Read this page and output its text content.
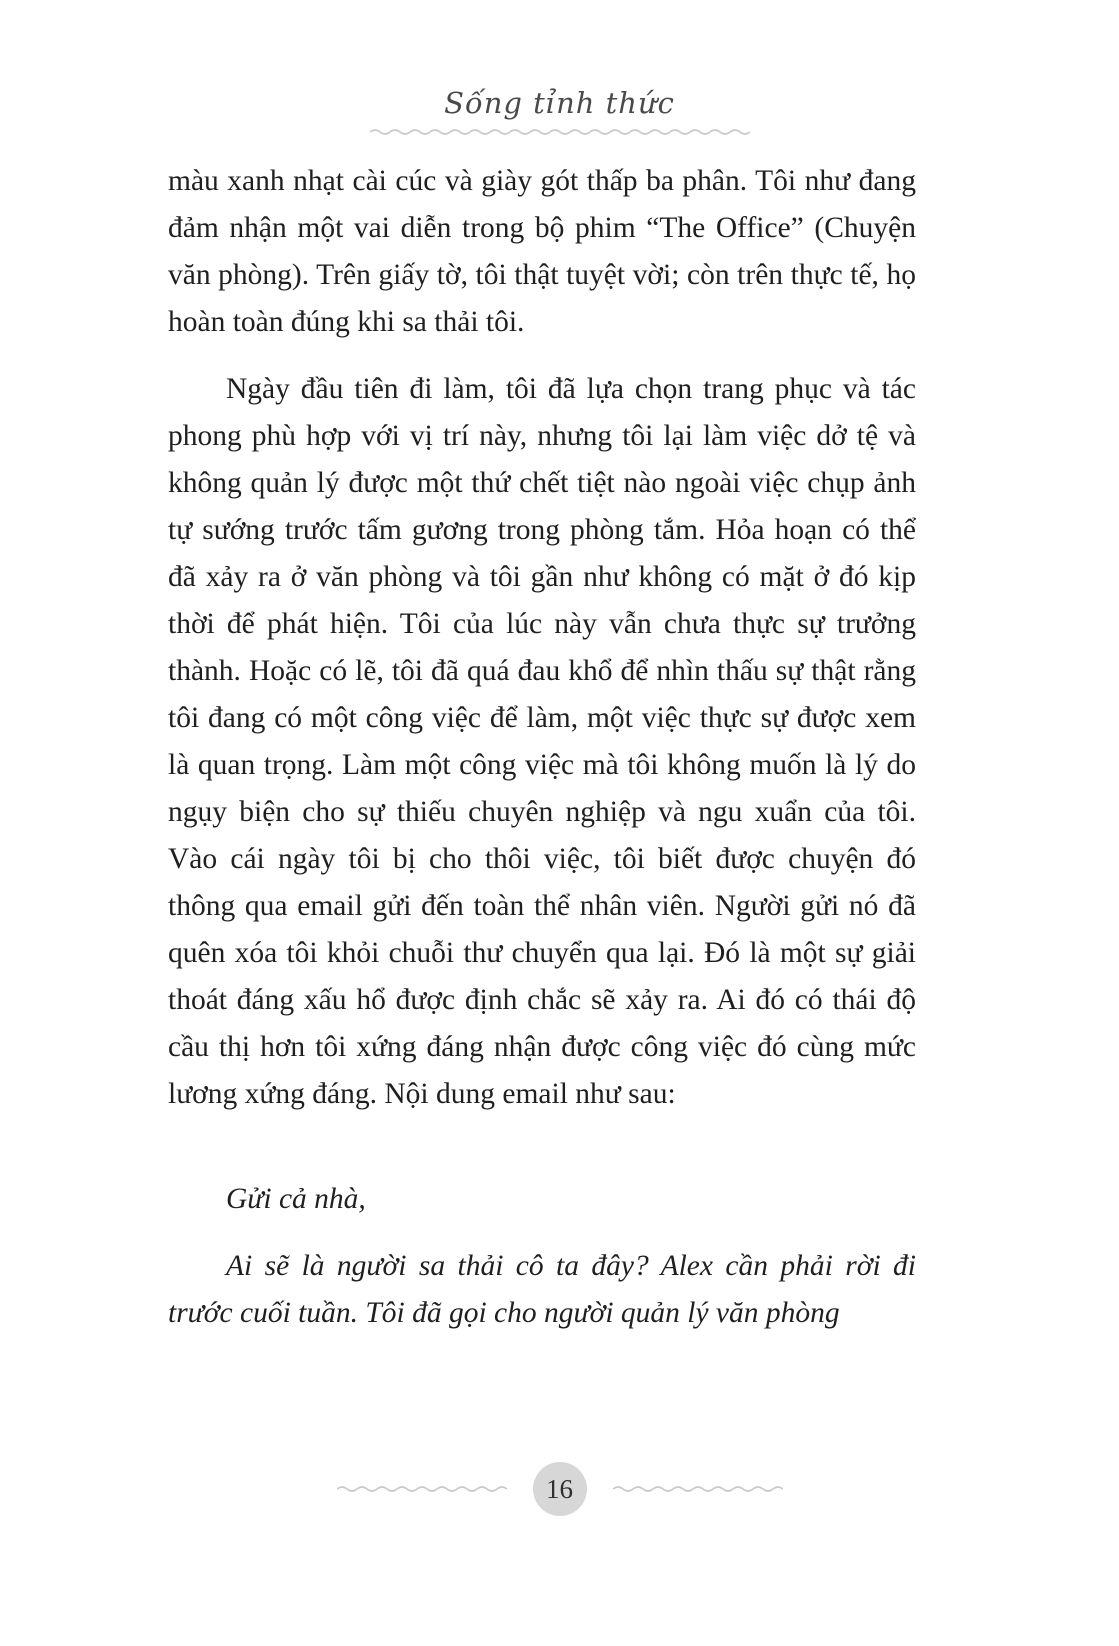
Sống tỉnh thức

màu xanh nhạt cài cúc và giày gót thấp ba phân. Tôi như đang đảm nhận một vai diễn trong bộ phim “The Office” (Chuyện văn phòng). Trên giấy tờ, tôi thật tuyệt vời; còn trên thực tế, họ hoàn toàn đúng khi sa thải tôi.

Ngày đầu tiên đi làm, tôi đã lựa chọn trang phục và tác phong phù hợp với vị trí này, nhưng tôi lại làm việc dở tệ và không quản lý được một thứ chết tiệt nào ngoài việc chụp ảnh tự sướng trước tấm gương trong phòng tắm. Hỏa hoạn có thể đã xảy ra ở văn phòng và tôi gần như không có mặt ở đó kịp thời để phát hiện. Tôi của lúc này vẫn chưa thực sự trưởng thành. Hoặc có lẽ, tôi đã quá đau khổ để nhìn thấu sự thật rằng tôi đang có một công việc để làm, một việc thực sự được xem là quan trọng. Làm một công việc mà tôi không muốn là lý do ngụy biện cho sự thiếu chuyên nghiệp và ngu xuẩn của tôi. Vào cái ngày tôi bị cho thôi việc, tôi biết được chuyện đó thông qua email gửi đến toàn thể nhân viên. Người gửi nó đã quên xóa tôi khỏi chuỗi thư chuyển qua lại. Đó là một sự giải thoát đáng xấu hổ được định chắc sẽ xảy ra. Ai đó có thái độ cầu thị hơn tôi xứng đáng nhận được công việc đó cùng mức lương xứng đáng. Nội dung email như sau:

Gửi cả nhà,

Ai sẽ là người sa thải cô ta đây? Alex cần phải rời đi trước cuối tuần. Tôi đã gọi cho người quản lý văn phòng

16
